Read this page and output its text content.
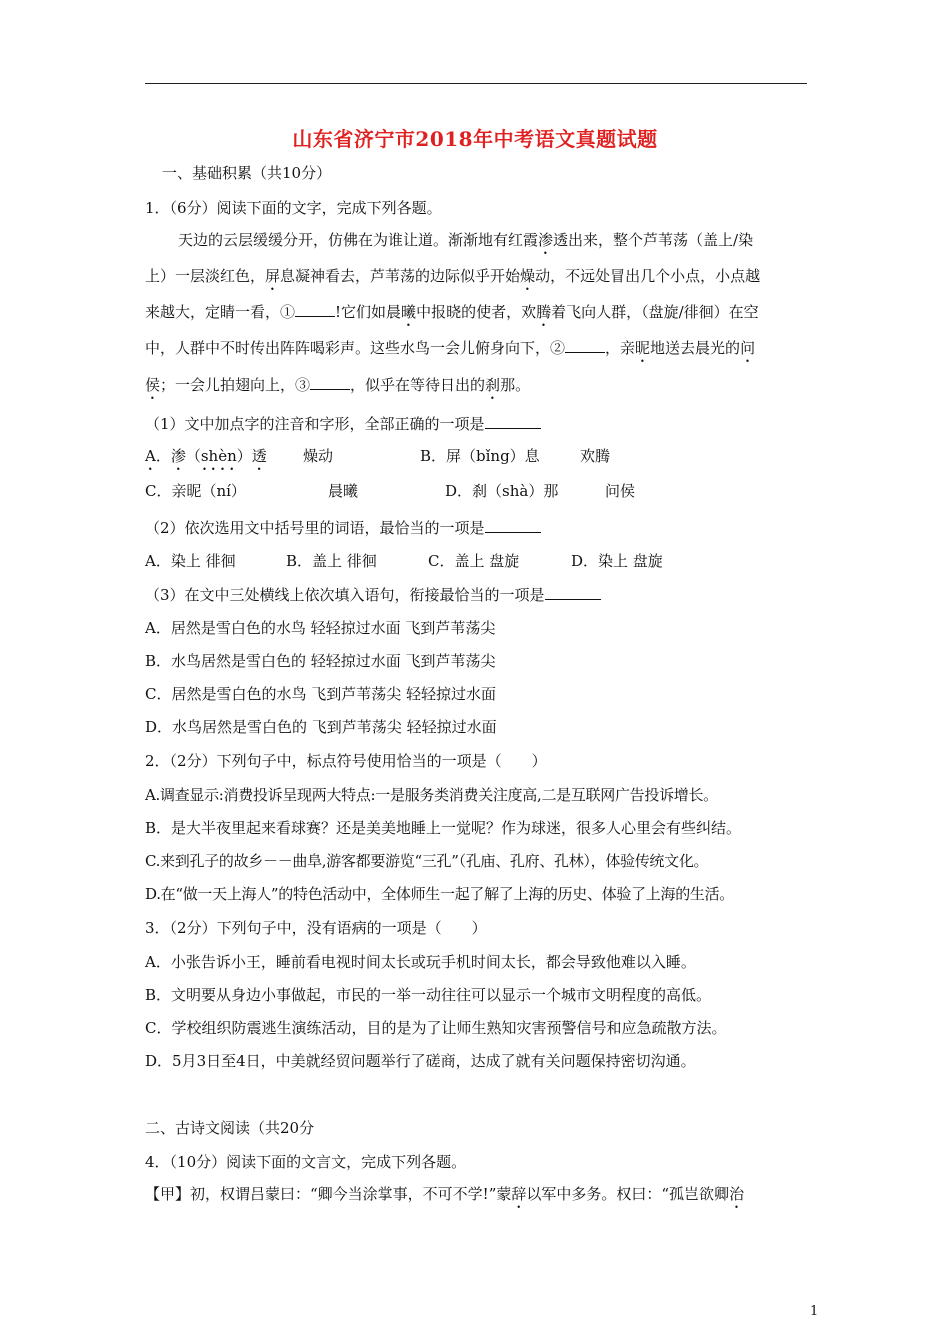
山东省济宁市2018年中考语文真题试题
一、基础积累（共10分）
1．（6分）阅读下面的文字，完成下列各题。
天边的云层缓缓分开，仿佛在为谁让道。渐渐地有红霞渗透出来，整个芦苇荡（盖上/染
上）一层淡红色，屏息凝神看去，芦苇荡的边际似乎开始燥动，不远处冒出几个小点，小点越
来越大，定睛一看，①	!它们如晨曦中报晓的使者，欢腾着飞向人群，（盘旋/徘徊）在空
中，人群中不时传出阵阵喝彩声。这些水鸟一会儿俯身向下，②	，亲昵地送去晨光的问
侯；一会儿拍翅向上，③	，似乎在等待日出的刹那。
（1）文中加点字的注音和字形，全部正确的一项是
A．渗（shèn）透 燥动	B．屏（bǐng）息	欢腾
C．亲昵（ní）	晨曦	D．刹（shà）那	问侯
（2）依次选用文中括号里的词语，最恰当的一项是
A．染上 徘徊	B．盖上 徘徊	C．盖上 盘旋	D．染上 盘旋
（3）在文中三处横线上依次填入语句，衔接最恰当的一项是
A．居然是雪白色的水鸟 轻轻掠过水面 飞到芦苇荡尖
B．水鸟居然是雪白色的 轻轻掠过水面 飞到芦苇荡尖
C．居然是雪白色的水鸟 飞到芦苇荡尖 轻轻掠过水面
D．水鸟居然是雪白色的 飞到芦苇荡尖 轻轻掠过水面
2．（2分）下列句子中，标点符号使用恰当的一项是（　　）
A.调查显示:消费投诉呈现两大特点:一是服务类消费关注度高,二是互联网广告投诉增长。
B．是大半夜里起来看球赛？还是美美地睡上一觉呢？作为球迷，很多人心里会有些纠结。
C.来到孔子的故乡－－曲阜,游客都要游览“三孔”（孔庙、孔府、孔林），体验传统文化。
D.在“做一天上海人”的特色活动中，全体师生一起了解了上海的历史、体验了上海的生活。
3．（2分）下列句子中，没有语病的一项是（　　）
A．小张告诉小王，睡前看电视时间太长或玩手机时间太长，都会导致他难以入睡。
B．文明要从身边小事做起，市民的一举一动往往可以显示一个城市文明程度的高低。
C．学校组织防震逃生演练活动，目的是为了让师生熟知灾害预警信号和应急疏散方法。
D．5月3日至4日，中美就经贸问题举行了磋商，达成了就有关问题保持密切沟通。
二、古诗文阅读（共20分
4．（10分）阅读下面的文言文，完成下列各题。
【甲】初，权谓吕蒙曰：“卿今当涂掌事，不可不学!”蒙辞以军中多务。权曰：“孤岂欲卿治
1
